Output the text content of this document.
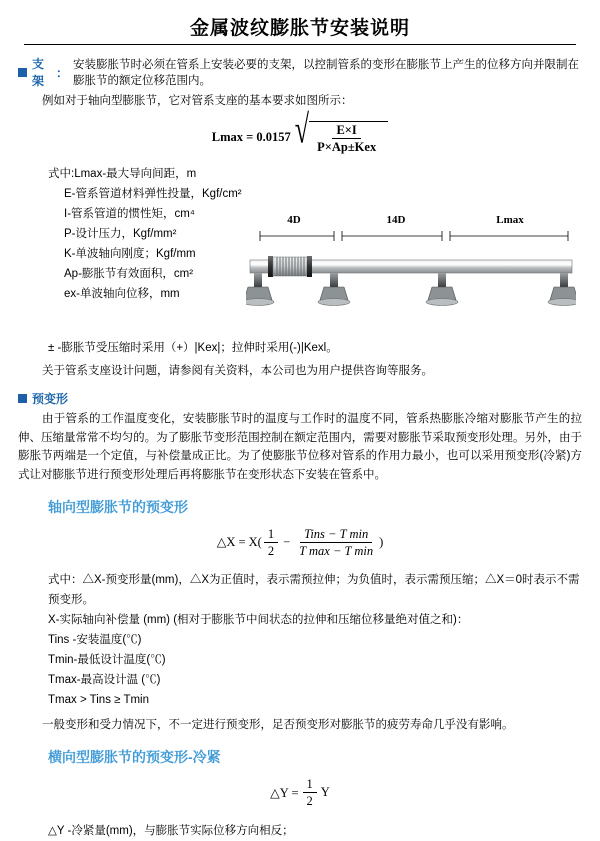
金属波纹膨胀节安装说明
支架
：
安装膨胀节时必须在管系上安装必要的支架，以控制管系的变形在膨胀节上产生的位移方向并限制在膨胀节的额定位移范围内。
例如对于轴向型膨胀节，它对管系支座的基本要求如图所示：
Lmax = 0.0157 √ $\frac{E\times I}{\text{P×Ap±Kex}}$
式中:Lmax-最大导向间距，m
E-管系管道材料弹性投量，Kgf/cm²
I-管系管道的惯性矩，cm⁴
P-设计压力，Kgf/mm²
K-单波轴向刚度；Kgf/mm
Ap-膨胀节有效面积，cm²
ex-单波轴向位移，mm
4D	14D	Lmax
± -膨胀节受压缩时采用（+）|Kex|；拉伸时采用(-)|Kexl。
关于管系支座设计问题，请参阅有关资料，本公司也为用户提供咨询等服务。
预变形
由于管系的工作温度变化，安装膨胀节时的温度与工作时的温度不同，管系热膨胀冷缩对膨胀节产生的拉伸、压缩量常常不均匀的。为了膨胀节变形范围控制在额定范围内，需要对膨胀节采取预变形处理。另外，由于膨胀节两端是一个定值，与补偿量成正比。为了使膨胀节位移对管系的作用力最小，也可以采用预变形(冷紧)方式让对膨胀节进行预变形处理后再将膨胀节在变形状态下安装在管系中。
轴向型膨胀节的预变形
△X = $X( \frac{1}{2} - \frac{\text{Tins − T min}}{\text{T max − T min}}$ )
式中：△X-预变形量(mm)，△X为正值时，表示需预拉伸；为负值时，表示需预压缩；△X＝0时表示不需预变形。
X-实际轴向补偿量 (mm) (相对于膨胀节中间状态的拉伸和压缩位移量绝对值之和)：
Tins -安装温度(℃)
Tmin-最低设计温度(℃)
Tmax-最高设计温 (℃)
Tmax > Tins ≥ Tmin
一般变形和受力情况下，不一定进行预变形，足否预变形对膨胀节的疲劳寿命几乎没有影响。
横向型膨胀节的预变形-冷紧
△Y = $\frac{1}{2}$ Y
△Y -冷紧量(mm)，与膨胀节实际位移方向相反；
